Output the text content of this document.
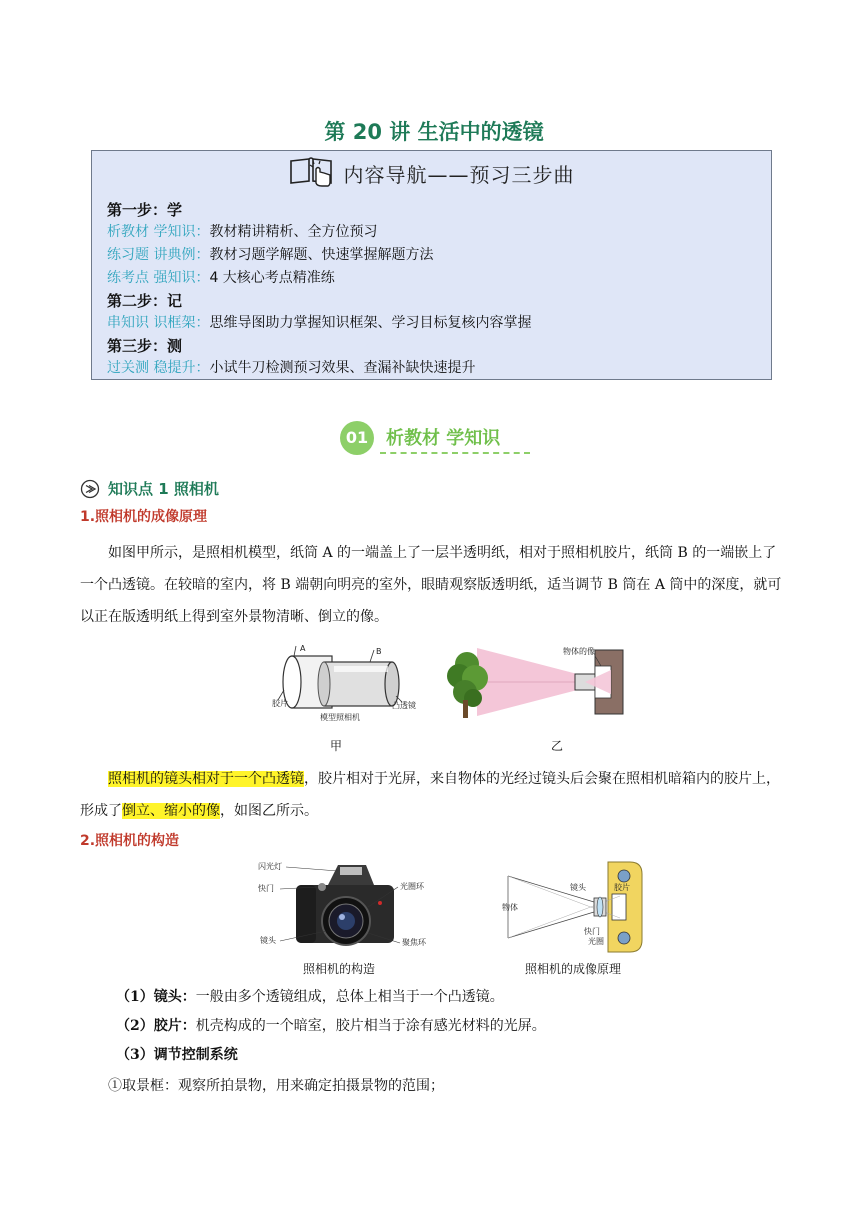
第 20 讲 生活中的透镜
内容导航——预习三步曲
第一步：学
析教材 学知识：教材精讲精析、全方位预习
练习题 讲典例：教材习题学解题、快速掌握解题方法
练考点 强知识：4 大核心考点精准练
第二步：记
串知识 识框架：思维导图助力掌握知识框架、学习目标复核内容掌握
第三步：测
过关测 稳提升：小试牛刀检测预习效果、查漏补缺快速提升
01 析教材 学知识
知识点 1 照相机
1.照相机的成像原理
如图甲所示，是照相机模型，纸筒 A 的一端盖上了一层半透明纸，相对于照相机胶片，纸筒 B 的一端嵌上了一个凸透镜。在较暗的室内，将 B 端朝向明亮的室外，眼睛观察版透明纸，适当调节 B 筒在 A 筒中的深度，就可以正在版透明纸上得到室外景物清晰、倒立的像。
A	B
胶片	凸透镜
模型照相机
甲
物体的像
乙
照相机的镜头相对于一个凸透镜，胶片相对于光屏，来自物体的光经过镜头后会聚在照相机暗箱内的胶片上，形成了倒立、缩小的像，如图乙所示。
2.照相机的构造
闪光灯
快门	光圈环
镜头	聚焦环
照相机的构造
物体
镜头	胶片
快门
光圈
照相机的成像原理
（1）镜头：一般由多个透镜组成，总体上相当于一个凸透镜。
（2）胶片：机壳构成的一个暗室，胶片相当于涂有感光材料的光屏。
（3）调节控制系统
①取景框：观察所拍景物，用来确定拍摄景物的范围；
